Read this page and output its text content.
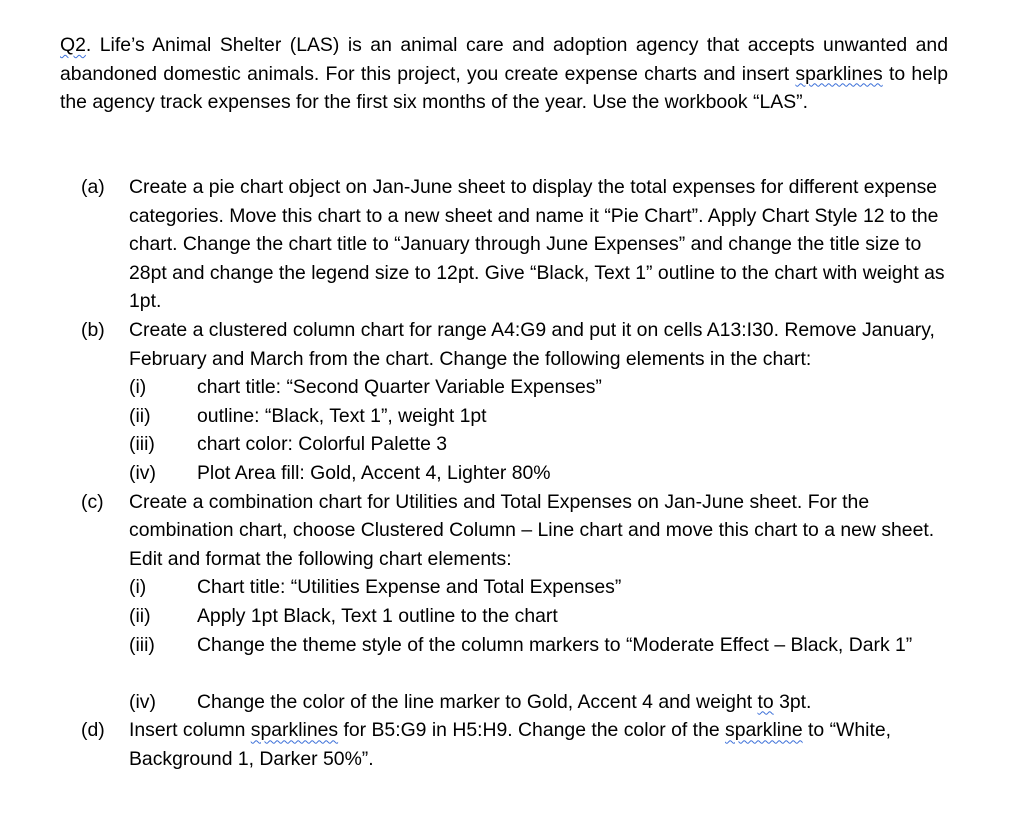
Q2. Life’s Animal Shelter (LAS) is an animal care and adoption agency that accepts unwanted and abandoned domestic animals. For this project, you create expense charts and insert sparklines to help the agency track expenses for the first six months of the year. Use the workbook “LAS”.

(a)	Create a pie chart object on Jan-June sheet to display the total expenses for different expense categories. Move this chart to a new sheet and name it “Pie Chart”. Apply Chart Style 12 to the chart. Change the chart title to “January through June Expenses” and change the title size to 28pt and change the legend size to 12pt. Give “Black, Text 1” outline to the chart with weight as 1pt.
(b)	Create a clustered column chart for range A4:G9 and put it on cells A13:I30. Remove January, February and March from the chart. Change the following elements in the chart:
(i)	chart title: “Second Quarter Variable Expenses”
(ii)	outline: “Black, Text 1”, weight 1pt
(iii)	chart color: Colorful Palette 3
(iv)	Plot Area fill: Gold, Accent 4, Lighter 80%
(c)	Create a combination chart for Utilities and Total Expenses on Jan-June sheet. For the combination chart, choose Clustered Column – Line chart and move this chart to a new sheet. Edit and format the following chart elements:
(i)	Chart title: “Utilities Expense and Total Expenses”
(ii)	Apply 1pt Black, Text 1 outline to the chart
(iii)	Change the theme style of the column markers to “Moderate Effect – Black, Dark 1”
(iv)	Change the color of the line marker to Gold, Accent 4 and weight to 3pt.
(d)	Insert column sparklines for B5:G9 in H5:H9. Change the color of the sparkline to “White, Background 1, Darker 50%”.
